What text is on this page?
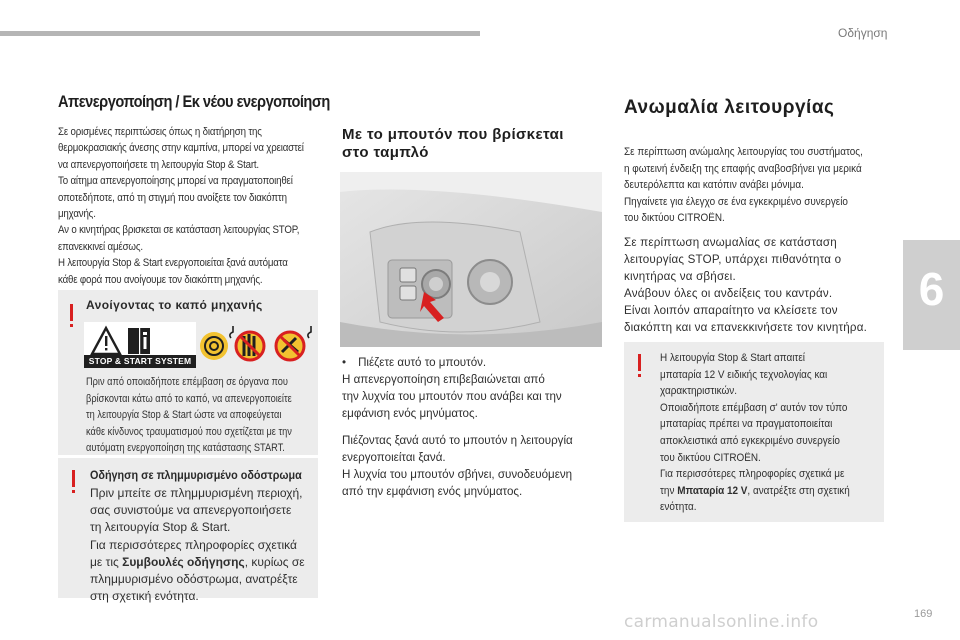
Οδήγηση
6
Απενεργοποίηση / Εκ νέου ενεργοποίηση

Σε ορισμένες περιπτώσεις όπως η διατήρηση της

θερμοκρασιακής άνεσης στην καμπίνα, μπορεί να χρειαστεί

να απενεργοποιήσετε τη λειτουργία Stop & Start.

Το αίτημα απενεργοποίησης μπορεί να πραγματοποιηθεί

οποτεδήποτε, από τη στιγμή που ανοίξετε τον διακόπτη

μηχανής.

Αν ο κινητήρας βρισκεται σε κατάσταση λειτουργίας STOP,

επανεκκινεί αμέσως.

Η λειτουργία Stop & Start ενεργοποιείται ξανά αυτόματα

κάθε φορά που ανοίγουμε τον διακόπτη μηχανής.

Ανοίγοντας το καπό μηχανής
STOP & START SYSTEM

Πριν από οποιαδήποτε επέμβαση σε όργανα που

βρίσκονται κάτω από το καπό, να απενεργοποιείτε

τη λειτουργία Stop & Start ώστε να αποφεύγεται

κάθε κίνδυνος τραυματισμού που σχετίζεται με την

αυτόματη ενεργοποίηση της κατάστασης START.

Οδήγηση σε πλημμυρισμένο οδόστρωμα

Πριν μπείτε σε πλημμυρισμένη περιοχή,

σας συνιστούμε να απενεργοποιήσετε

τη λειτουργία Stop & Start.

Για περισσότερες πληροφορίες σχετικά

με τις Συμβουλές οδήγησης, κυρίως σε

πλημμυρισμένο οδόστρωμα, ανατρέξτε

στη σχετική ενότητα.

Με το μπουτόν που βρίσκεται
στο ταμπλό

• Πιέζετε αυτό το μπουτόν.

Η απενεργοποίηση επιβεβαιώνεται από

την λυχνία του μπουτόν που ανάβει και την

εμφάνιση ενός μηνύματος.

Πιέζοντας ξανά αυτό το μπουτόν η λειτουργία

ενεργοποιείται ξανά.

Η λυχνία του μπουτόν σβήνει, συνοδευόμενη

από την εμφάνιση ενός μηνύματος.

Ανωμαλία λειτουργίας

Σε περίπτωση ανώμαλης λειτουργίας του συστήματος,

η φωτεινή ένδειξη της επαφής αναβοσβήνει για μερικά

δευτερόλεπτα και κατόπιν ανάβει μόνιμα.

Πηγαίνετε για έλεγχο σε ένα εγκεκριμένο συνεργείο

του δικτύου CITROËN.

Σε περίπτωση ανωμαλίας σε κατάσταση

λειτουργίας STOP, υπάρχει πιθανότητα ο

κινητήρας να σβήσει.

Ανάβουν όλες οι ανδείξεις του καντράν.

Είναι λοιπόν απαραίτητο να κλείσετε τον

διακόπτη και να επανεκκινήσετε τον κινητήρα.

Η λειτουργία Stop & Start απαιτεί

μπαταρία 12 V ειδικής τεχνολογίας και

χαρακτηριστικών.

Οποιαδήποτε επέμβαση σ' αυτόν τον τύπο

μπαταρίας πρέπει να πραγματοποιείται

αποκλειστικά από εγκεκριμένο συνεργείο

του δικτύου CITROËN.

Για περισσότερες πληροφορίες σχετικά με

την Μπαταρία 12 V, ανατρέξτε στη σχετική

ενότητα.

169
carmanualsonline.info
